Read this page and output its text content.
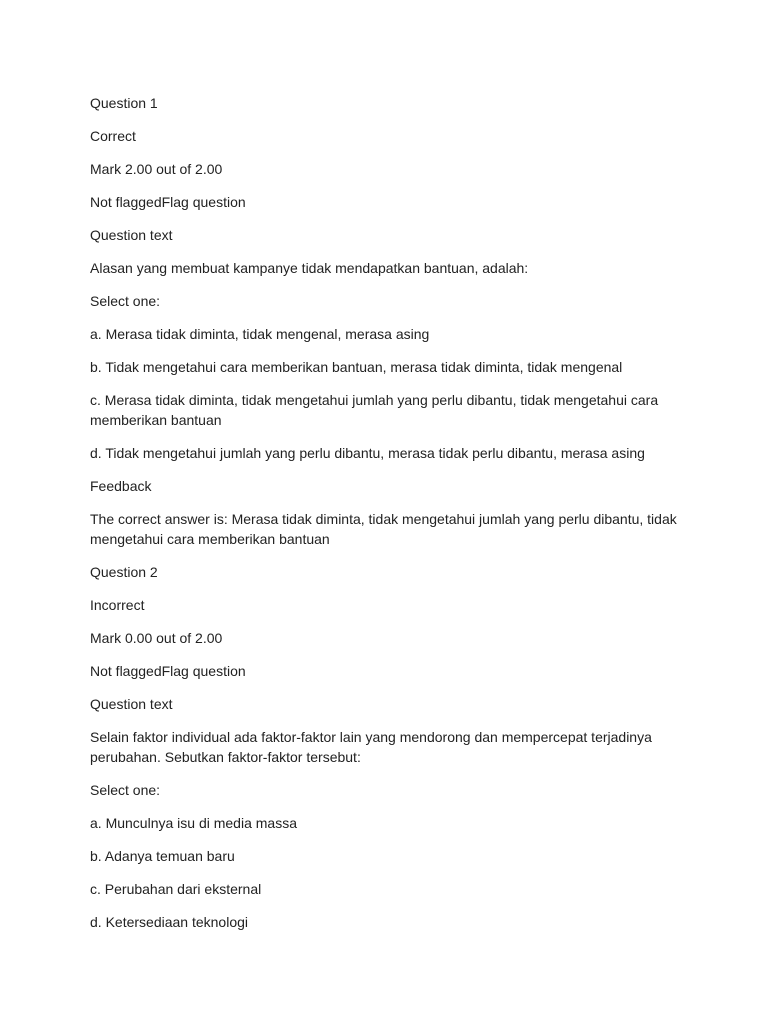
Question 1

Correct

Mark 2.00 out of 2.00

Not flaggedFlag question

Question text

Alasan yang membuat kampanye tidak mendapatkan bantuan, adalah:

Select one:

a. Merasa tidak diminta, tidak mengenal, merasa asing

b. Tidak mengetahui cara memberikan bantuan, merasa tidak diminta, tidak mengenal

c. Merasa tidak diminta, tidak mengetahui jumlah yang perlu dibantu, tidak mengetahui cara memberikan bantuan

d. Tidak mengetahui jumlah yang perlu dibantu, merasa tidak perlu dibantu, merasa asing

Feedback

The correct answer is: Merasa tidak diminta, tidak mengetahui jumlah yang perlu dibantu, tidak mengetahui cara memberikan bantuan

Question 2

Incorrect

Mark 0.00 out of 2.00

Not flaggedFlag question

Question text

Selain faktor individual ada faktor-faktor lain yang mendorong dan mempercepat terjadinya perubahan. Sebutkan faktor-faktor tersebut:

Select one:

a. Munculnya isu di media massa

b. Adanya temuan baru

c. Perubahan dari eksternal

d. Ketersediaan teknologi
